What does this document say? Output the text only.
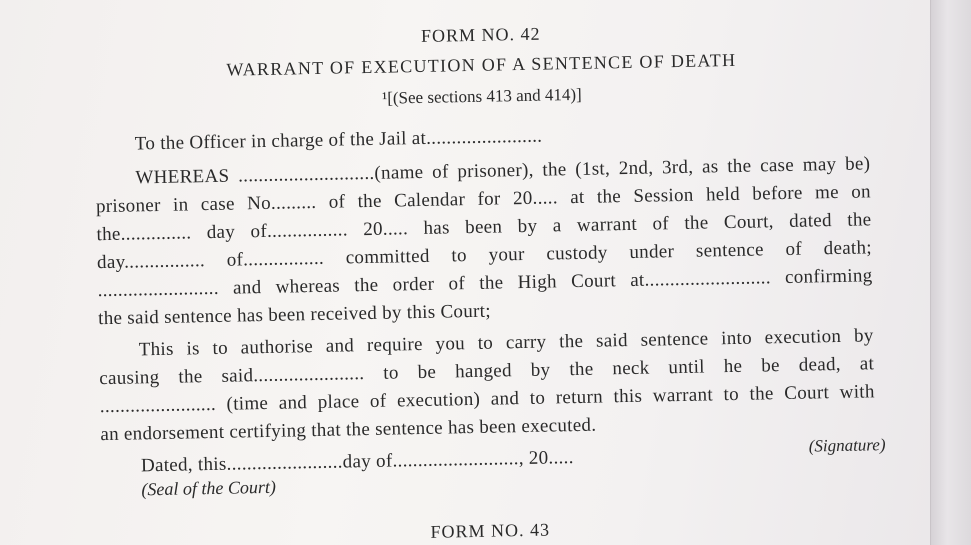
FORM NO. 42
WARRANT OF EXECUTION OF A SENTENCE OF DEATH
¹[(See sections 413 and 414)]
To the Officer in charge of the Jail at.......................
WHEREAS ...........................(name of prisoner), the (1st, 2nd, 3rd, as the case may be)
prisoner in case No......... of the Calendar for 20..... at the Session held before me on
the.............. day of................ 20..... has been by a warrant of the Court, dated the
day................ of................ committed to your custody under sentence of death;
........................ and whereas the order of the High Court at......................... confirming
the said sentence has been received by this Court;
This is to authorise and require you to carry the said sentence into execution by
causing the said...................... to be hanged by the neck until he be dead, at
....................... (time and place of execution) and to return this warrant to the Court with
an endorsement certifying that the sentence has been executed.
Dated, this.......................day of........................., 20.....
(Signature)
(Seal of the Court)
FORM NO. 43
